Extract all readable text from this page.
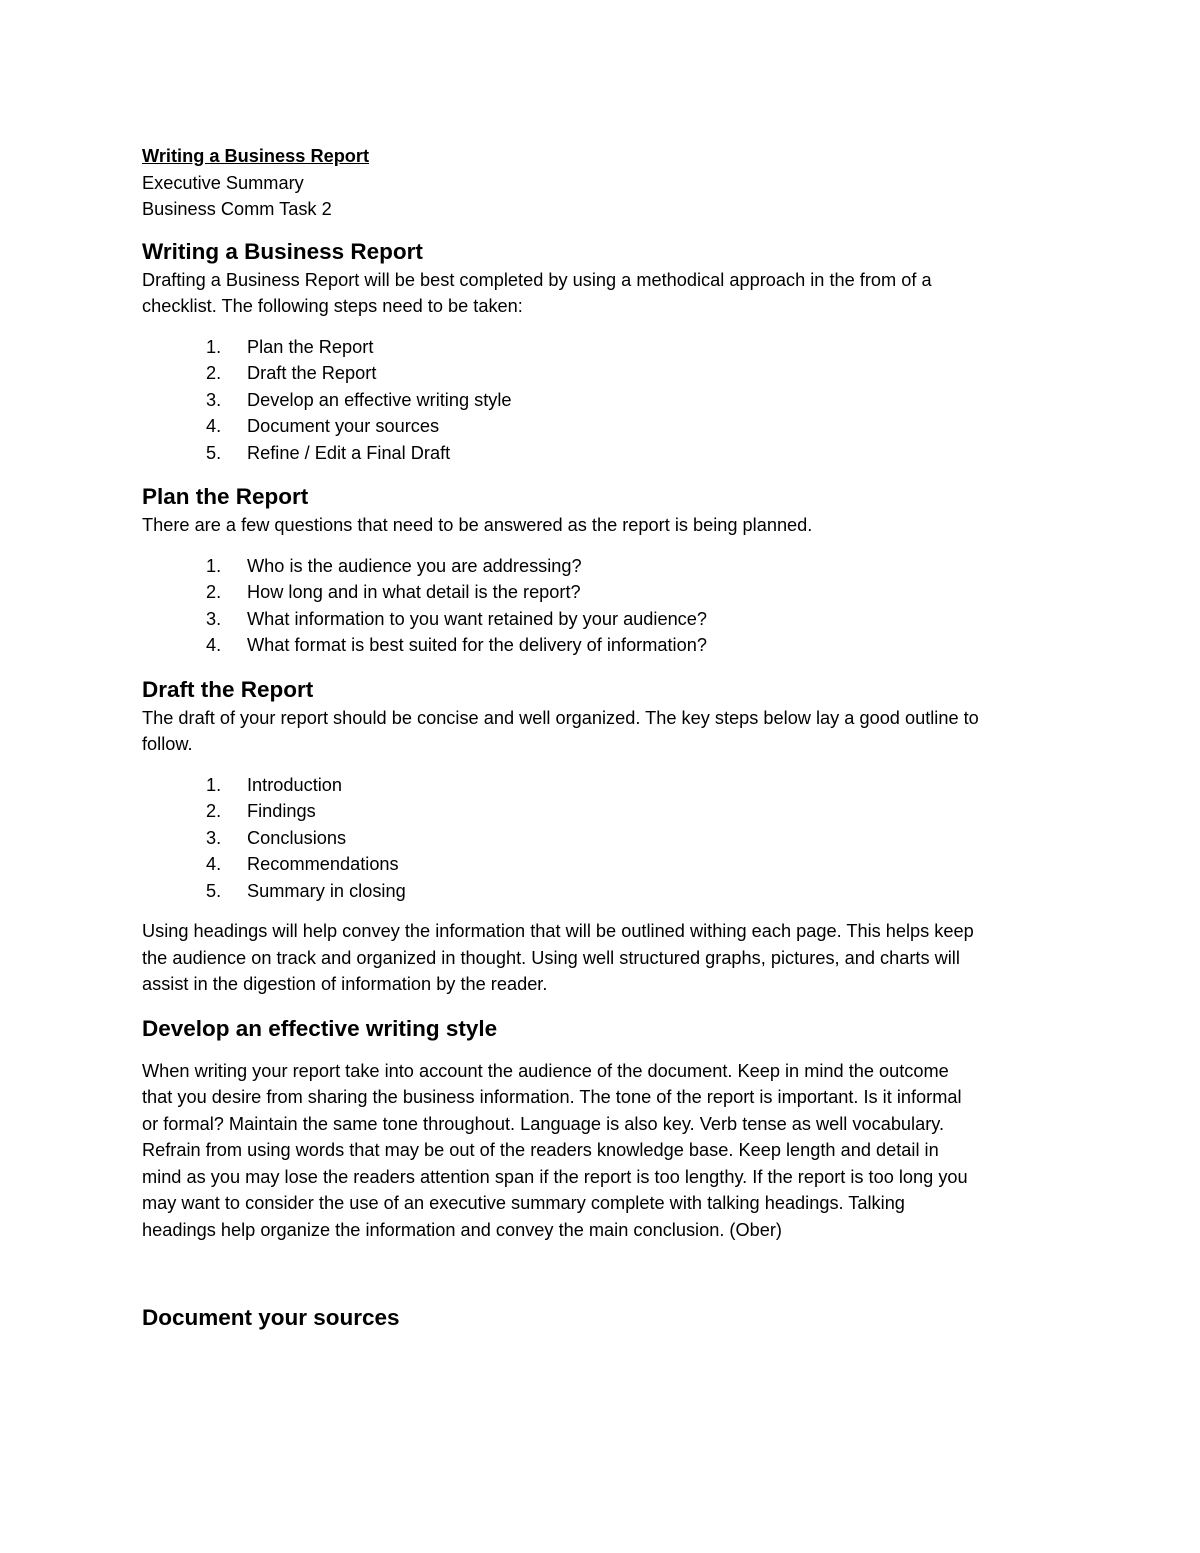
Writing a Business Report

Executive Summary

Business Comm Task 2

Writing a Business Report

Drafting a Business Report will be best completed by using a methodical approach in the from of a

checklist. The following steps need to be taken:

1. Plan the Report
2. Draft the Report
3. Develop an effective writing style
4. Document your sources
5. Refine / Edit a Final Draft
Plan the Report

There are a few questions that need to be answered as the report is being planned.

1. Who is the audience you are addressing?
2. How long and in what detail is the report?
3. What information to you want retained by your audience?
4. What format is best suited for the delivery of information?
Draft the Report

The draft of your report should be concise and well organized. The key steps below lay a good outline to

follow.

1. Introduction
2. Findings
3. Conclusions
4. Recommendations
5. Summary in closing

Using headings will help convey the information that will be outlined withing each page. This helps keep

the audience on track and organized in thought. Using well structured graphs, pictures, and charts will

assist in the digestion of information by the reader.

Develop an effective writing style

When writing your report take into account the audience of the document. Keep in mind the outcome

that you desire from sharing the business information. The tone of the report is important. Is it informal

or formal? Maintain the same tone throughout. Language is also key. Verb tense as well vocabulary.

Refrain from using words that may be out of the readers knowledge base. Keep length and detail in

mind as you may lose the readers attention span if the report is too lengthy. If the report is too long you

may want to consider the use of an executive summary complete with talking headings. Talking

headings help organize the information and convey the main conclusion. (Ober)

Document your sources
